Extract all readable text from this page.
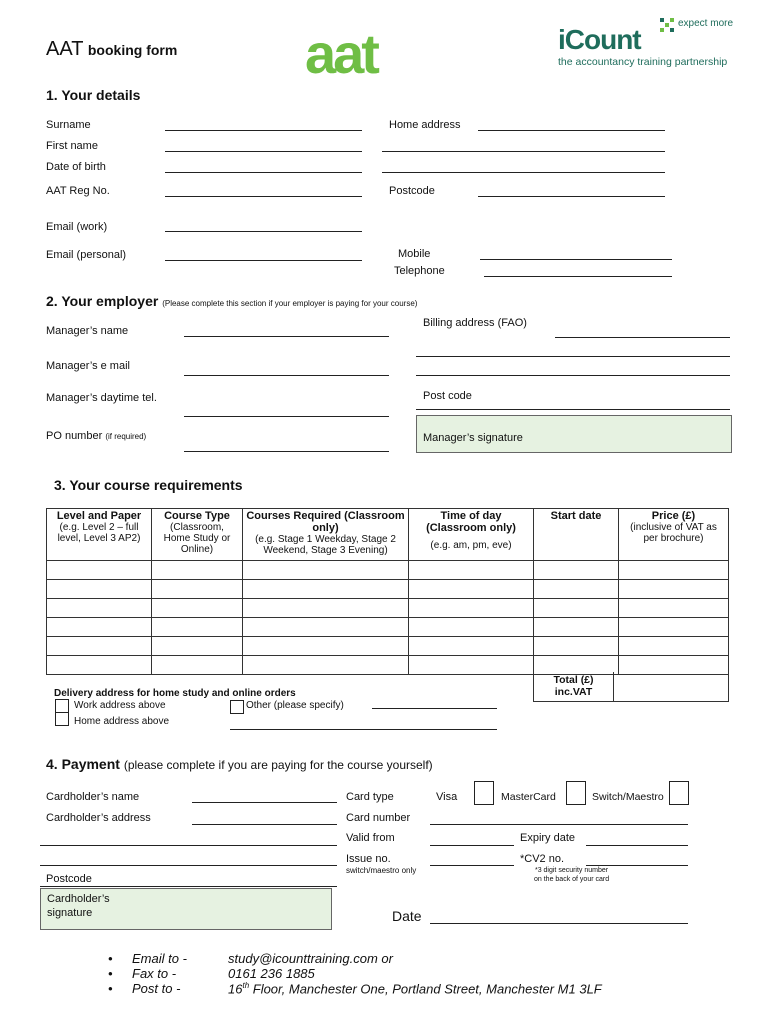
AAT booking form aat	expect more
iCount
the accountancy training partnership
1. Your details
Surname
First name
Date of birth
AAT Reg No.
Email (work)
Email (personal)
Home address
Postcode
Mobile
Telephone
2. Your employer (Please complete this section if your employer is paying for your course)
Manager’s name
Manager’s e mail
Manager’s daytime tel.
PO number (if required)
Billing address (FAO)
Post code
Manager’s signature
3. Your course requirements
Level and Paper
(e.g. Level 2 – full
level, Level 3 AP2)	Course Type
(Classroom,
Home Study or
Online)	Courses Required (Classroom only)
(e.g. Stage 1 Weekday, Stage 2
Weekend, Stage 3 Evening)	Time of day (Classroom only)
(e.g. am, pm, eve)	Start date	Price (£)
(inclusive of VAT as
per brochure)

Total (£)
inc.VAT
Delivery address for home study and online orders
Work address above
Home address above
Other (please specify)
4. Payment (please complete if you are paying for the course yourself)
Cardholder’s name
Cardholder’s address
Postcode
Cardholder’s
signature
Card type	Visa	MasterCard	Switch/Maestro
Card number
Valid from	Expiry date
Issue no.
switch/maestro only
*CV2 no.
*3 digit security number
on the back of your card
Date
• Email to -	study@icounttraining.com or
• Fax to -	0161 236 1885
• Post to -	16th Floor, Manchester One, Portland Street, Manchester M1 3LF
